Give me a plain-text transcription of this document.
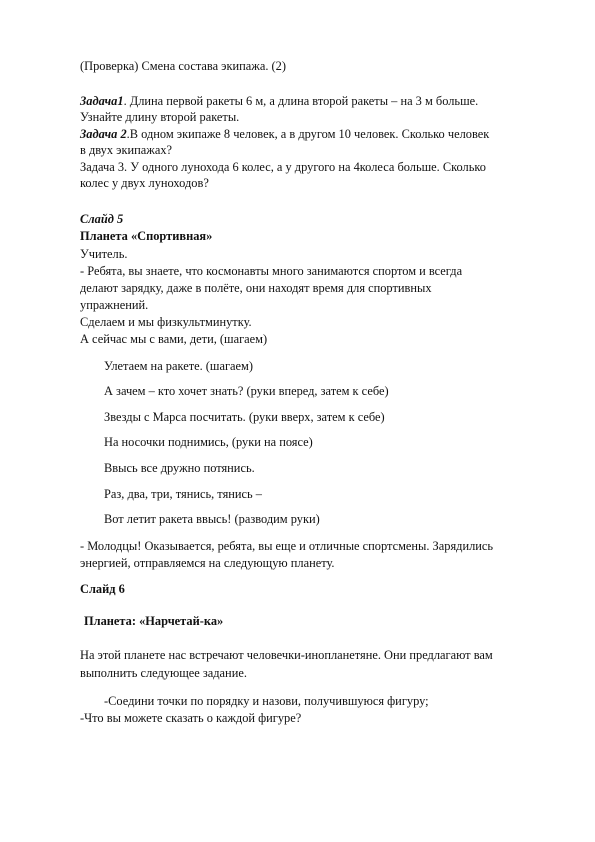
(Проверка) Смена состава экипажа. (2)
Задача1. Длина первой ракеты 6 м, а длина второй ракеты – на 3 м больше.
Узнайте длину второй ракеты.
Задача 2.В одном экипаже 8 человек, а в другом 10 человек. Сколько человек
в двух экипажах?
Задача 3. У одного лунохода 6 колес, а у другого на 4колеса больше. Сколько
колес у двух луноходов?
Слайд 5
Планета «Спортивная»
Учитель.
- Ребята, вы знаете, что космонавты много занимаются спортом и всегда
делают зарядку, даже в полёте, они находят время для спортивных
упражнений.
Сделаем и мы физкультминутку.
А сейчас мы с вами, дети, (шагаем)
Улетаем на ракете. (шагаем)
А зачем – кто хочет знать? (руки вперед, затем к себе)
Звезды с Марса посчитать. (руки вверх, затем к себе)
На носочки поднимись, (руки на поясе)
Ввысь все дружно потянись.
Раз, два, три, тянись, тянись –
Вот летит ракета ввысь! (разводим руки)
- Молодцы! Оказывается, ребята, вы еще и отличные спортсмены. Зарядились
энергией, отправляемся на следующую планету.
Слайд 6
Планета: «Нарчетай-ка»
На этой планете нас встречают человечки-инопланетяне. Они предлагают вам
выполнить следующее задание.
-Соедини точки по порядку и назови, получившуюся фигуру;
-Что вы можете сказать о каждой фигуре?
